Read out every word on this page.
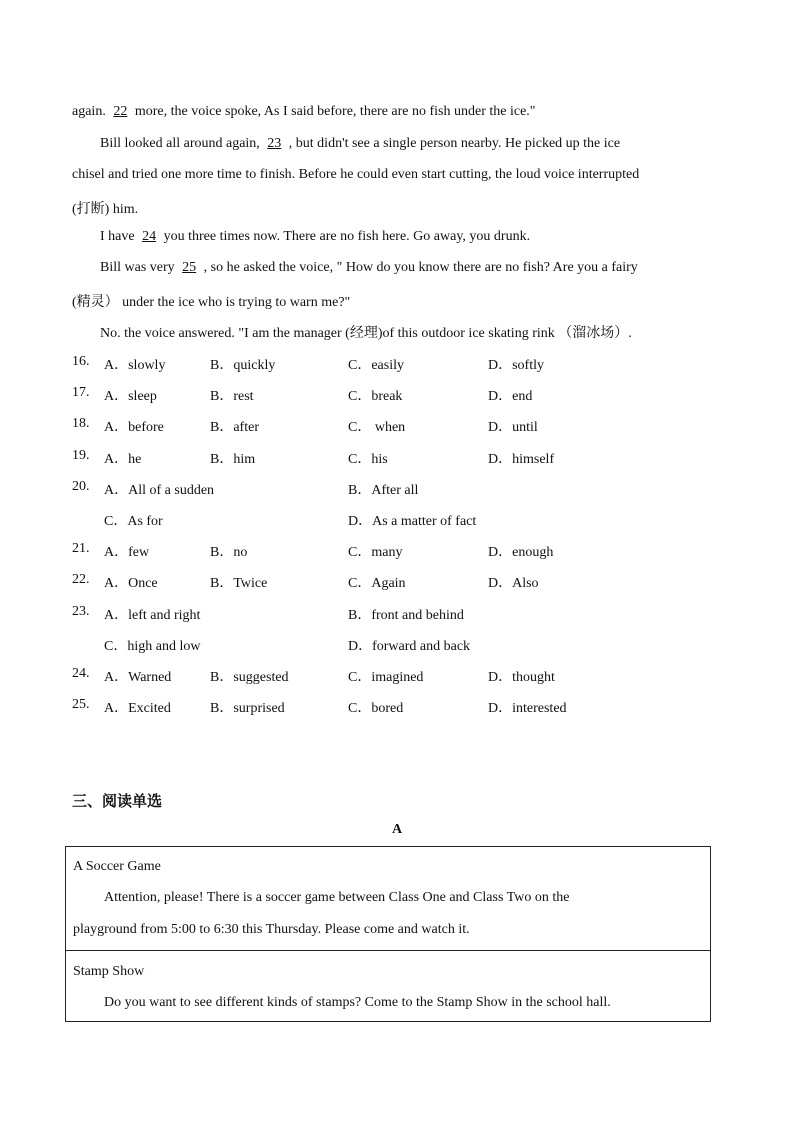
again. 22 more, the voice spoke, As I said before, there are no fish under the ice."
Bill looked all around again, 23 , but didn't see a single person nearby. He picked up the ice
chisel and tried one more time to finish. Before he could even start cutting, the loud voice interrupted
(打断) him.
I have 24 you three times now. There are no fish here. Go away, you drunk.
Bill was very 25 , so he asked the voice, " How do you know there are no fish? Are you a fairy
(精灵） under the ice who is trying to warn me?"
No. the voice answered. "I am the manager (经理)of this outdoor ice skating rink （溜冰场）.
16. A．slowly	B．quickly	C．easily	D．softly
17. A．sleep	B．rest	C．break	D．end
18. A．before	B．after	C． when	D．until
19. A．he	B．him	C．his	D．himself
20. A．All of a sudden	B．After all
C．As for	D．As a matter of fact
21. A．few	B．no	C．many	D．enough
22. A．Once	B．Twice	C．Again	D．Also
23. A．left and right	B．front and behind
C．high and low	D．forward and back
24. A．Warned	B．suggested	C．imagined	D．thought
25. A．Excited	B．surprised	C．bored	D．interested
三、阅读单选
A
A Soccer Game
Attention, please! There is a soccer game between Class One and Class Two on the
playground from 5:00 to 6:30 this Thursday. Please come and watch it.
Stamp Show
Do you want to see different kinds of stamps? Come to the Stamp Show in the school hall.
